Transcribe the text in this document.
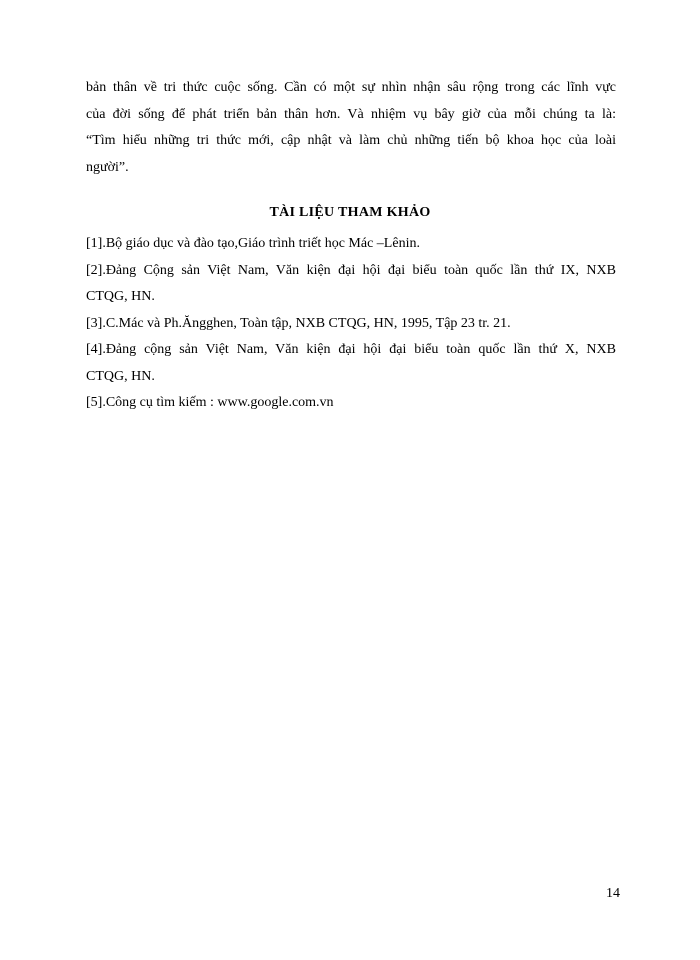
bản thân về tri thức cuộc sống. Cần có một sự nhìn nhận sâu rộng trong các lĩnh vực
của đời sống để phát triển bản thân hơn. Và nhiệm vụ bây giờ của mỗi chúng ta là:
“Tìm hiểu những tri thức mới, cập nhật và làm chủ những tiến bộ khoa học của loài
người”.
TÀI LIỆU THAM KHẢO
[1].Bộ giáo dục và đào tạo,Giáo trình triết học Mác –Lênin.
[2].Đảng Cộng sản Việt Nam, Văn kiện đại hội đại biểu toàn quốc lần thứ IX, NXB
CTQG, HN.
[3].C.Mác và Ph.Ăngghen, Toàn tập, NXB CTQG, HN, 1995, Tập 23 tr. 21.
[4].Đảng cộng sản Việt Nam, Văn kiện đại hội đại biểu toàn quốc lần thứ X, NXB
CTQG, HN.
[5].Công cụ tìm kiếm : www.google.com.vn
14
